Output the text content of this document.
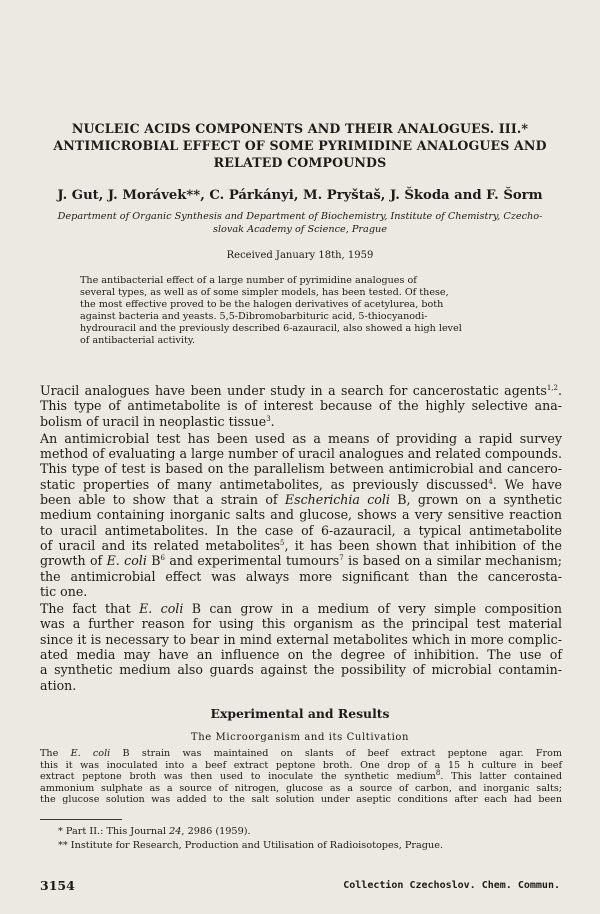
NUCLEIC ACIDS COMPONENTS AND THEIR ANALOGUES. III.*
ANTIMICROBIAL EFFECT OF SOME PYRIMIDINE ANALOGUES AND
RELATED COMPOUNDS
J. Gut, J. Morávek**, C. Párkányi, M. Pryštaš, J. Škoda and F. Šorm
Department of Organic Synthesis and Department of Biochemistry, Institute of Chemistry, Czecho-
slovak Academy of Science, Prague
Received January 18th, 1959
The antibacterial effect of a large number of pyrimidine analogues of
several types, as well as of some simpler models, has been tested. Of these,
the most effective proved to be the halogen derivatives of acetylurea, both
against bacteria and yeasts. 5,5-Dibromobarbituric acid, 5-thiocyanodi-
hydrouracil and the previously described 6-azauracil, also showed a high level
of antibacterial activity.
Uracil analogues have been under study in a search for cancerostatic agents$^{1,2}$.
This type of antimetabolite is of interest because of the highly selective ana-
bolism of uracil in neoplastic tissue$^3$.
An antimicrobial test has been used as a means of providing a rapid survey
method of evaluating a large number of uracil analogues and related compounds.
This type of test is based on the parallelism between antimicrobial and cancero-
static properties of many antimetabolites, as previously discussed$^4$. We have
been able to show that a strain of Escherichia coli B, grown on a synthetic
medium containing inorganic salts and glucose, shows a very sensitive reaction
to uracil antimetabolites. In the case of 6-azauracil, a typical antimetabolite
of uracil and its related metabolites$^5$, it has been shown that inhibition of the
growth of E. coli $B^6$ and experimental tumours$^7$ is based on a similar mechanism;
the antimicrobial effect was always more significant than the cancerosta-
tic one.
The fact that E. coli B can grow in a medium of very simple composition
was a further reason for using this organism as the principal test material
since it is necessary to bear in mind external metabolites which in more complic-
ated media may have an influence on the degree of inhibition. The use of
a synthetic medium also guards against the possibility of microbial contamin-
ation.
Experimental and Results
The Microorganism and its Cultivation
The E. coli B strain was maintained on slants of beef extract peptone agar. From
this it was inoculated into a beef extract peptone broth. One drop of a 15 h culture in beef
extract peptone broth was then used to inoculate the synthetic medium$^8$. This latter contained
ammonium sulphate as a source of nitrogen, glucose as a source of carbon, and inorganic salts;
the glucose solution was added to the salt solution under aseptic conditions after each had been
* Part II.: This Journal 24, 2986 (1959).
** Institute for Research, Production and Utilisation of Radioisotopes, Prague.
3154	Collection Czechoslov. Chem. Commun.
